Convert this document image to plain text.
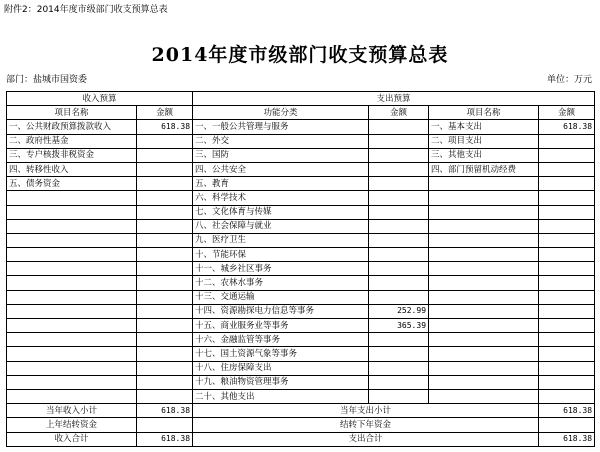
附件2：2014年度市级部门收支预算总表
2014年度市级部门收支预算总表
部门：盐城市国资委	单位：万元
收入预算		支出预算			
项目名称	金额	功能分类	金额	项目名称	金额
一、公共财政预算拨款收入	618.38	一、一般公共管理与服务		一、基本支出	618.38
二、政府性基金		二、外交		二、项目支出	
三、专户核拨非税资金		三、国防		三、其他支出	
四、转移性收入		四、公共安全		四、部门预留机动经费	
五、债务资金		五、教育			
		六、科学技术			
		七、文化体育与传媒			
		八、社会保障与就业			
		九、医疗卫生			
		十、节能环保			
		十一、城乡社区事务			
		十二、农林水事务			
		十三、交通运输			
		十四、资源勘探电力信息等事务	252.99		
		十五、商业服务业等事务	365.39		
		十六、金融监管等事务			
		十七、国土资源气象等事务			
		十八、住房保障支出			
		十九、粮油物资管理事务			
		二十、其他支出			
当年收入小计	618.38	当年支出小计			618.38
上年结转资金		结转下年资金			
收入合计	618.38	支出合计			618.38
